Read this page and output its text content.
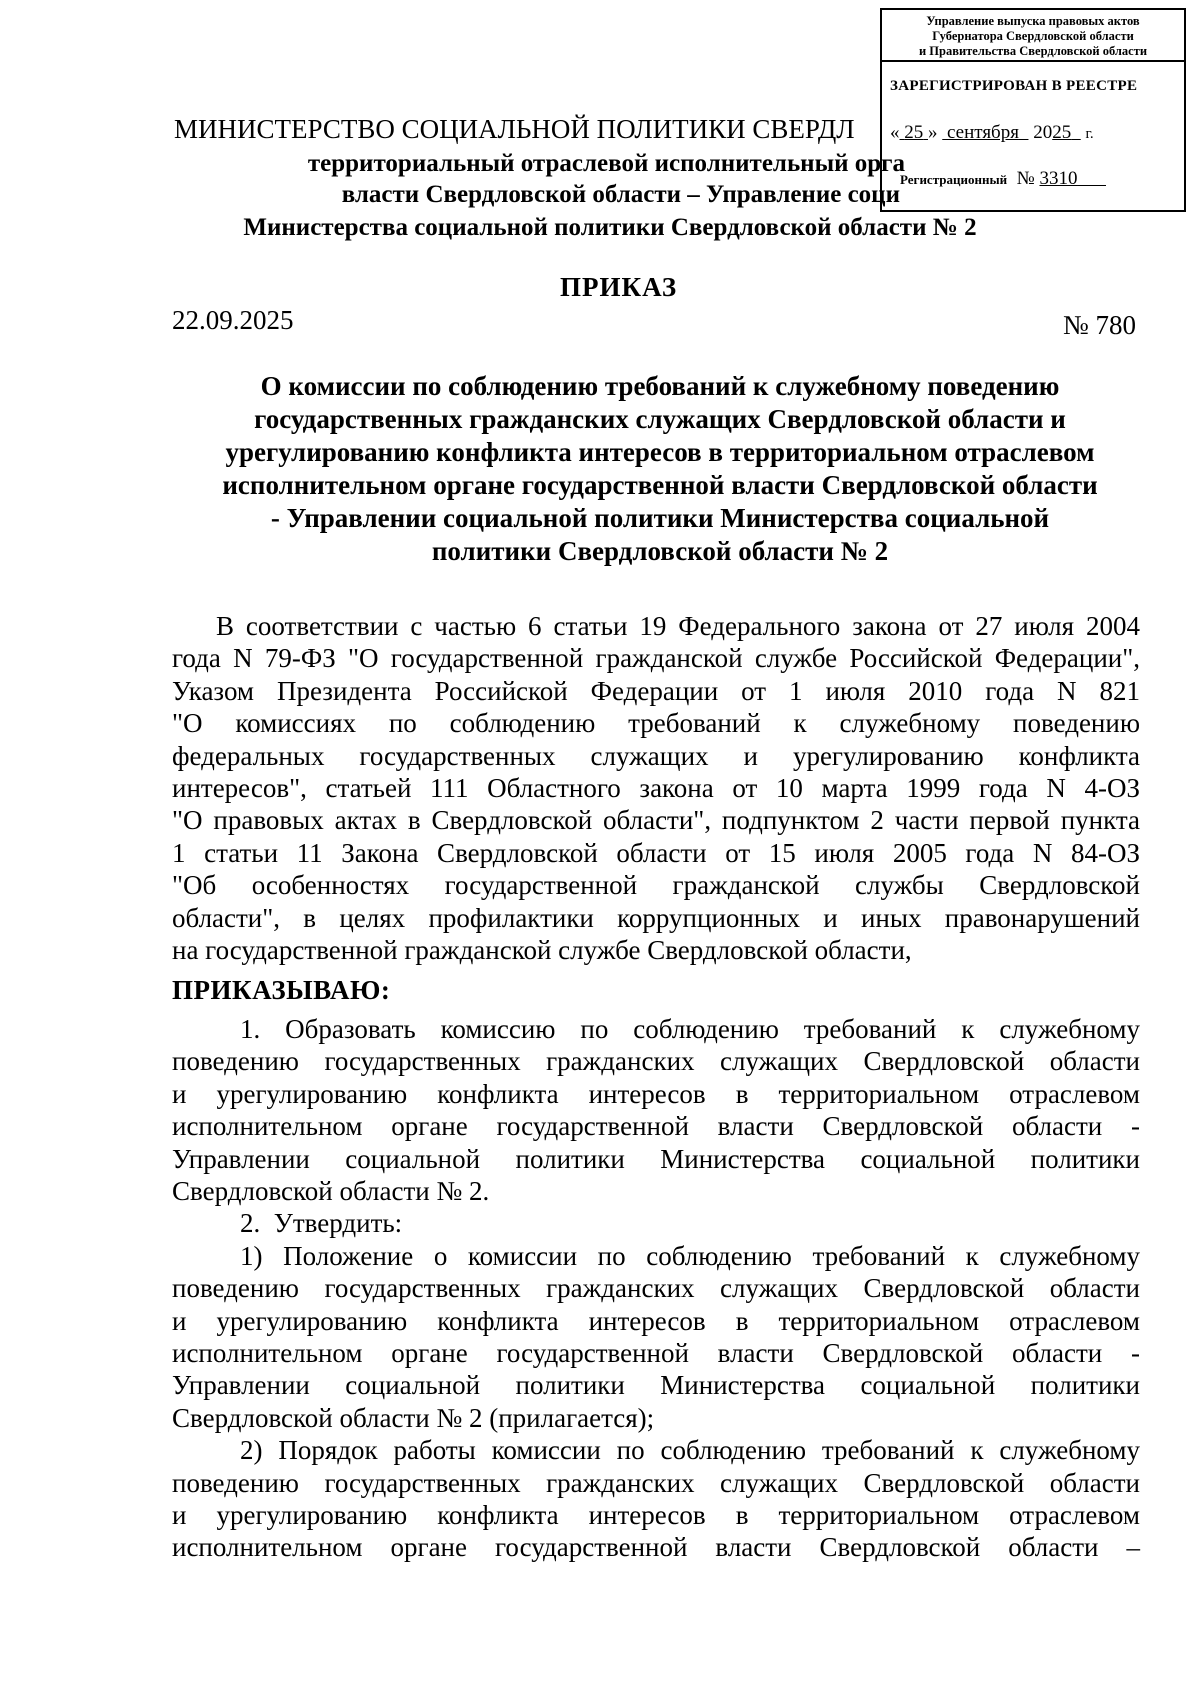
Управление выпуска правовых актов
Губернатора Свердловской области
и Правительства Свердловской области
ЗАРЕГИСТРИРОВАН В РЕЕСТРЕ
« 25 » сентября 2025 г.
Регистрационный № 3310
МИНИСТЕРСТВО СОЦИАЛЬНОЙ ПОЛИТИКИ СВЕРДЛ
территориальный отраслевой исполнительный орга
власти Свердловской области – Управление соци
Министерства социальной политики Свердловской области № 2
ПРИКАЗ
22.09.2025	№ 780
О комиссии по соблюдению требований к служебному поведению
государственных гражданских служащих Свердловской области и
урегулированию конфликта интересов в территориальном отраслевом
исполнительном органе государственной власти Свердловской области
- Управлении социальной политики Министерства социальной
политики Свердловской области № 2

В соответствии с частью 6 статьи 19 Федерального закона от 27 июля 2004
года N 79-ФЗ "О государственной гражданской службе Российской Федерации",
Указом Президента Российской Федерации от 1 июля 2010 года N 821
"О комиссиях по соблюдению требований к служебному поведению
федеральных государственных служащих и урегулированию конфликта
интересов", статьей 111 Областного закона от 10 марта 1999 года N 4-ОЗ
"О правовых актах в Свердловской области", подпунктом 2 части первой пункта
1 статьи 11 Закона Свердловской области от 15 июля 2005 года N 84-ОЗ
"Об особенностях государственной гражданской службы Свердловской
области", в целях профилактики коррупционных и иных правонарушений
на государственной гражданской службе Свердловской области,

ПРИКАЗЫВАЮ:

1. Образовать комиссию по соблюдению требований к служебному
поведению государственных гражданских служащих Свердловской области
и урегулированию конфликта интересов в территориальном отраслевом
исполнительном органе государственной власти Свердловской области -
Управлении социальной политики Министерства социальной политики
Свердловской области № 2.

2.  Утвердить:

1) Положение о комиссии по соблюдению требований к служебному
поведению государственных гражданских служащих Свердловской области
и урегулированию конфликта интересов в территориальном отраслевом
исполнительном органе государственной власти Свердловской области -
Управлении социальной политики Министерства социальной политики
Свердловской области № 2 (прилагается);

2) Порядок работы комиссии по соблюдению требований к служебному
поведению государственных гражданских служащих Свердловской области
и урегулированию конфликта интересов в территориальном отраслевом
исполнительном органе государственной власти Свердловской области –
